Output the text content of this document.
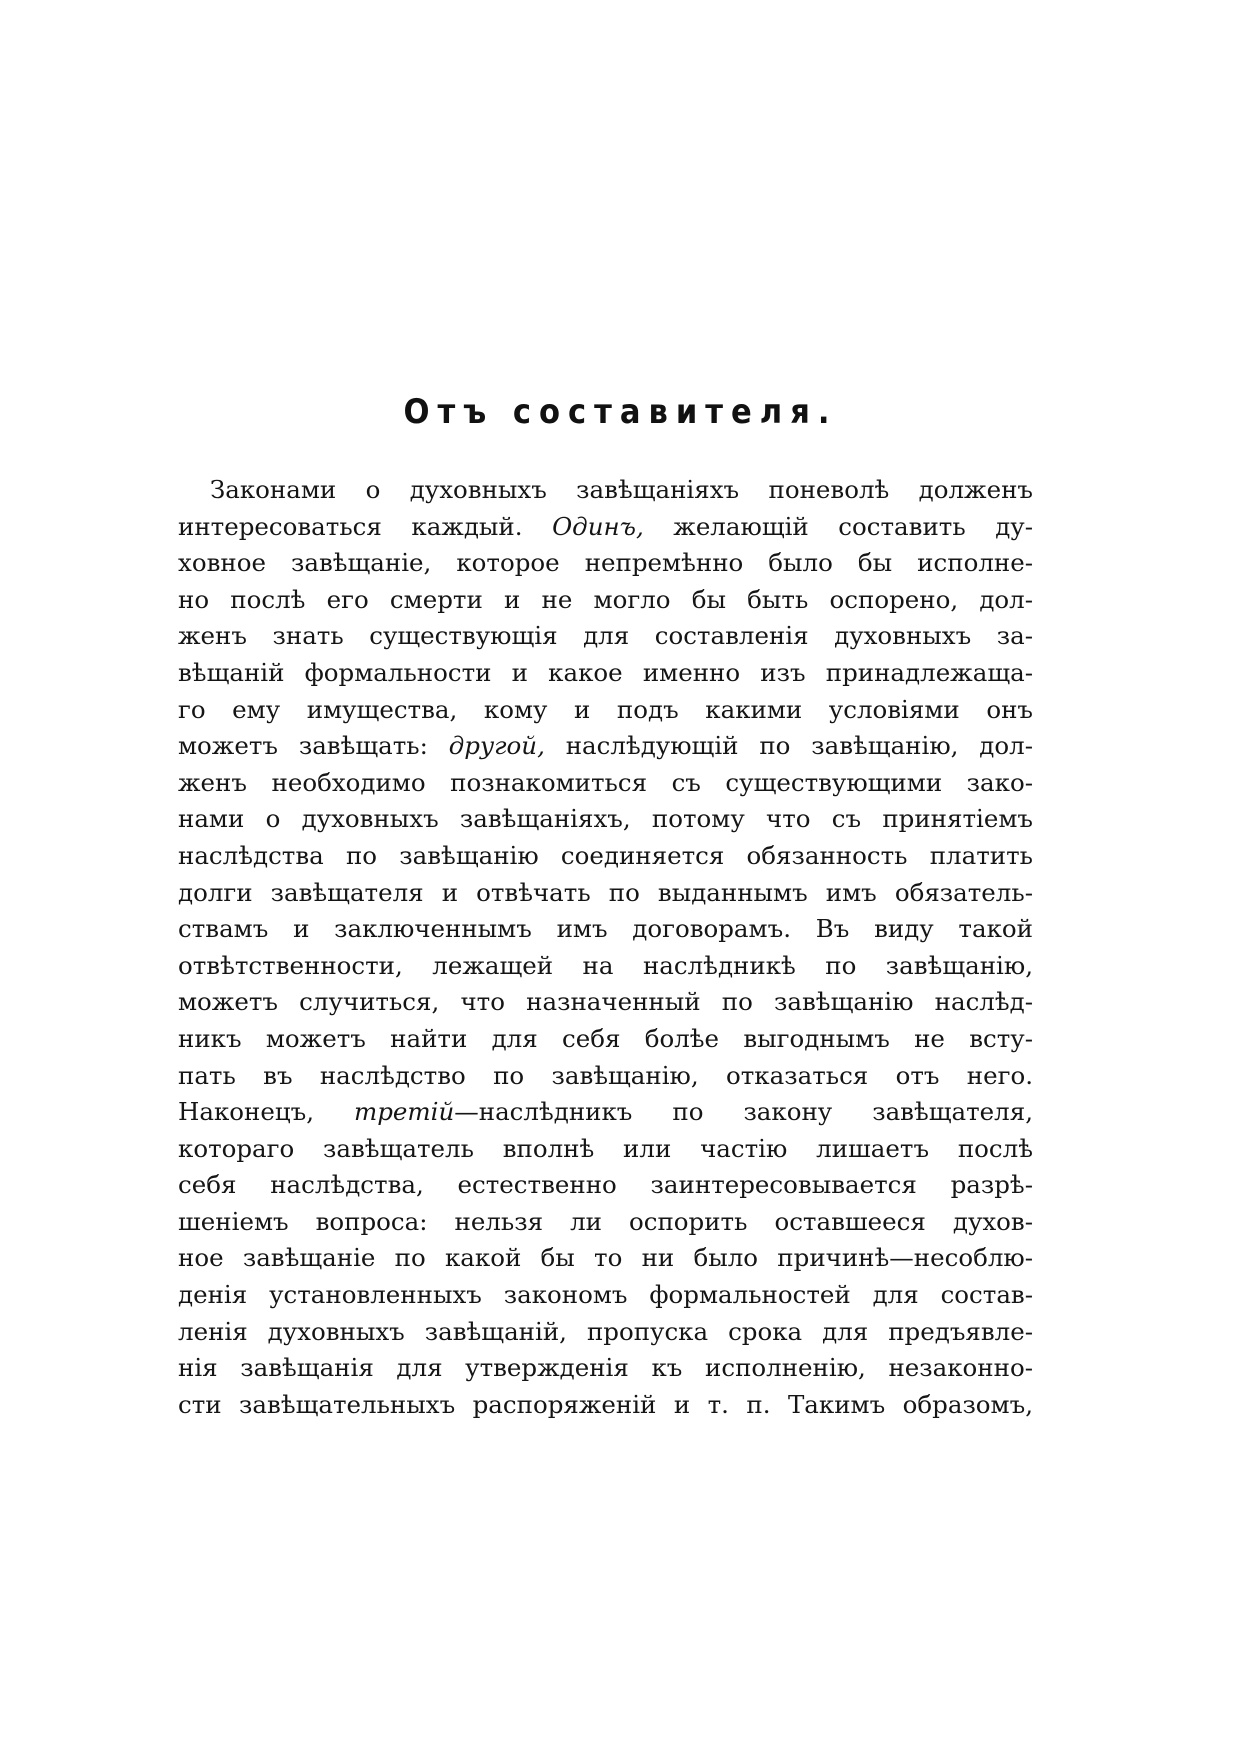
Отъ составителя.
Законами о духовныхъ завѣщаніяхъ поневолѣ долженъ
интересоваться каждый. Одинъ, желающій составить ду-
ховное завѣщаніе, которое непремѣнно было бы исполне-
но послѣ его смерти и не могло бы быть оспорено, дол-
женъ знать существующія для составленія духовныхъ за-
вѣщаній формальности и какое именно изъ принадлежаща-
го ему имущества, кому и подъ какими условіями онъ
можетъ завѣщать: другой, наслѣдующій по завѣщанію, дол-
женъ необходимо познакомиться съ существующими зако-
нами о духовныхъ завѣщаніяхъ, потому что съ принятіемъ
наслѣдства по завѣщанію соединяется обязанность платить
долги завѣщателя и отвѣчать по выданнымъ имъ обязатель-
ствамъ и заключеннымъ имъ договорамъ. Въ виду такой
отвѣтственности, лежащей на наслѣдникѣ по завѣщанію,
можетъ случиться, что назначенный по завѣщанію наслѣд-
никъ можетъ найти для себя болѣе выгоднымъ не всту-
пать въ наслѣдство по завѣщанію, отказаться отъ него.
Наконецъ, третій—наслѣдникъ по закону завѣщателя,
котораго завѣщатель вполнѣ или частію лишаетъ послѣ
себя наслѣдства, естественно заинтересовывается разрѣ-
шеніемъ вопроса: нельзя ли оспорить оставшееся духов-
ное завѣщаніе по какой бы то ни было причинѣ—несоблю-
денія установленныхъ закономъ формальностей для состав-
ленія духовныхъ завѣщаній, пропуска срока для предъявле-
нія завѣщанія для утвержденія къ исполненію, незаконно-
сти завѣщательныхъ распоряженій и т. п. Такимъ образомъ,
